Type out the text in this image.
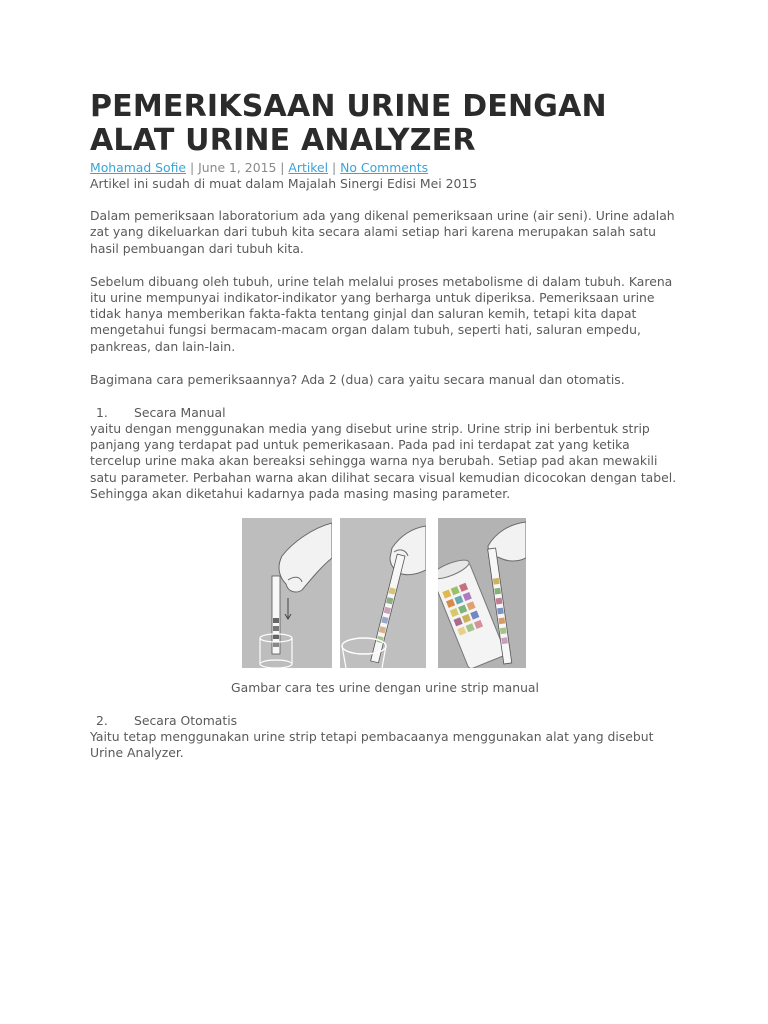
PEMERIKSAAN URINE DENGAN
ALAT URINE ANALYZER
Mohamad Sofie | June 1, 2015 | Artikel | No Comments

Artikel ini sudah di muat dalam Majalah Sinergi Edisi Mei 2015

Dalam pemeriksaan laboratorium ada yang dikenal pemeriksaan urine (air seni). Urine adalah zat yang dikeluarkan dari tubuh kita secara alami setiap hari karena merupakan salah satu hasil pembuangan dari tubuh kita.

Sebelum dibuang oleh tubuh, urine telah melalui proses metabolisme di dalam tubuh. Karena itu urine mempunyai indikator-indikator yang berharga untuk diperiksa. Pemeriksaan urine tidak hanya memberikan fakta-fakta tentang ginjal dan saluran kemih, tetapi kita dapat mengetahui fungsi bermacam-macam organ dalam tubuh, seperti hati, saluran empedu, pankreas, dan lain-lain.

Bagimana cara pemeriksaannya? Ada 2 (dua) cara yaitu secara manual dan otomatis.

1. Secara Manual

yaitu dengan menggunakan media yang disebut urine strip. Urine strip ini berbentuk strip panjang yang terdapat pad untuk pemerikasaan. Pada pad ini terdapat zat yang ketika tercelup urine maka akan bereaksi sehingga warna nya berubah. Setiap pad akan mewakili satu parameter. Perbahan warna akan dilihat secara visual kemudian dicocokan dengan tabel. Sehingga akan diketahui kadarnya pada masing masing parameter.

Gambar cara tes urine dengan urine strip manual
2. Secara Otomatis

Yaitu tetap menggunakan urine strip tetapi pembacaanya menggunakan alat yang disebut Urine Analyzer.
